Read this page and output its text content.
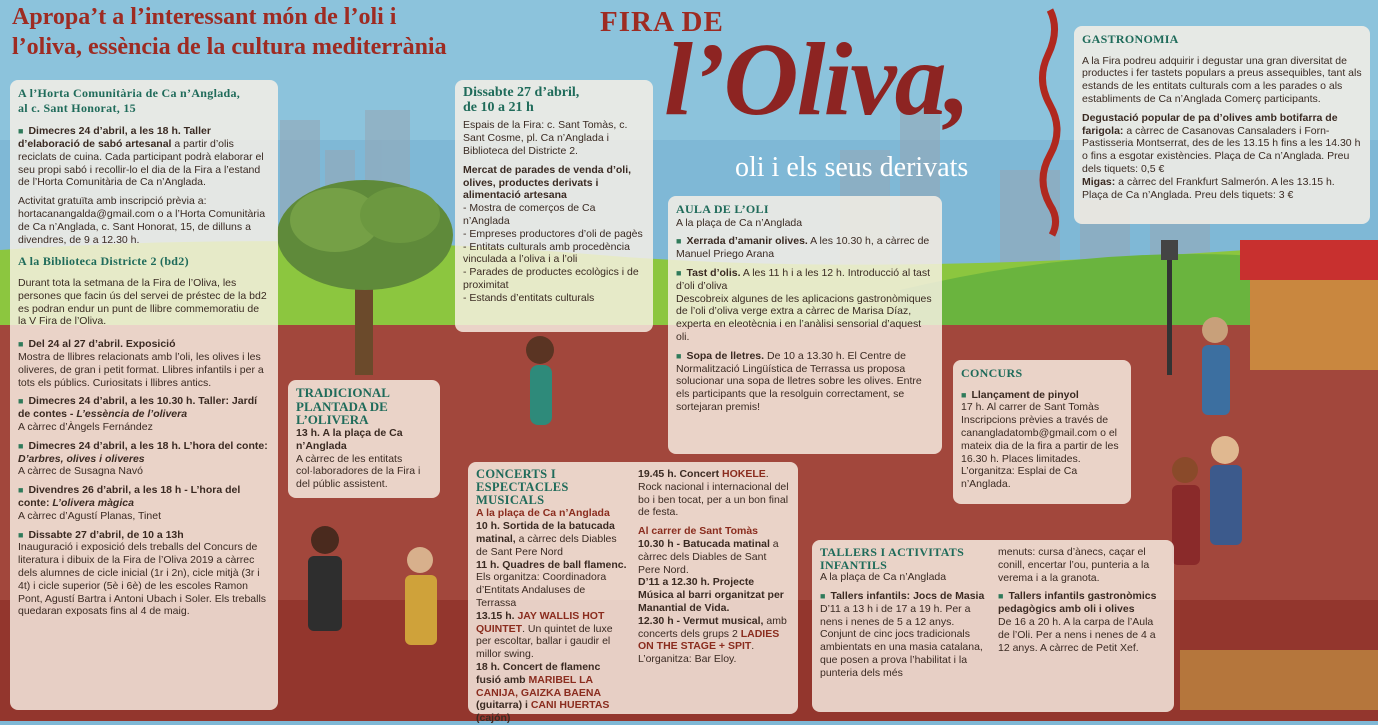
Apropa’t a l’interessant món de l’oli i
l’oliva, essència de la cultura mediterrània
FIRA DE
l’Oliva,
oli i els seus derivats
A l’Horta Comunitària de Ca n’Anglada,
al c. Sant Honorat, 15

■ Dimecres 24 d’abril, a les 18 h. Taller d’elaboració de sabó artesanal a partir d’olis reciclats de cuina. Cada participant podrà elaborar el seu propi sabó i recollir-lo el dia de la Fira a l’estand de l’Horta Comunitària de Ca n’Anglada.

Activitat gratuïta amb inscripció prèvia a: hortacanangalda@gmail.com o a l’Horta Comunitària de Ca n’Anglada, c. Sant Honorat, 15, de dilluns a divendres, de 9 a 12.30 h.

A la Biblioteca Districte 2 (bd2)

Durant tota la setmana de la Fira de l’Oliva, les persones que facin ús del servei de préstec de la bd2 es podran endur un punt de llibre commemoratiu de la V Fira de l’Oliva.

■ Del 24 al 27 d’abril. Exposició
Mostra de llibres relacionats amb l’oli, les olives i les oliveres, de gran i petit format. Llibres infantils i per a tots els públics. Curiositats i llibres antics.

■ Dimecres 24 d’abril, a les 10.30 h. Taller: Jardí de contes - L’essència de l’olivera
A càrrec d’Àngels Fernández

■ Dimecres 24 d’abril, a les 18 h. L’hora del conte: D’arbres, olives i oliveres
A càrrec de Susagna Navó

■ Divendres 26 d’abril, a les 18 h - L’hora del conte: L’olivera màgica
A càrrec d’Agustí Planas, Tinet

■ Dissabte 27 d’abril, de 10 a 13h
Inauguració i exposició dels treballs del Concurs de literatura i dibuix de la Fira de l’Oliva 2019 a càrrec dels alumnes de cicle inicial (1r i 2n), cicle mitjà (3r i 4t) i cicle superior (5è i 6è) de les escoles Ramon Pont, Agustí Bartra i Antoni Ubach i Soler. Els treballs quedaran exposats fins al 4 de maig.

Dissabte 27 d’abril,
de 10 a 21 h

Espais de la Fira: c. Sant Tomàs, c. Sant Cosme, pl. Ca n’Anglada i Biblioteca del Districte 2.

Mercat de parades de venda d’oli, olives, productes derivats i alimentació artesana
- Mostra de comerços de Ca n’Anglada
- Empreses productores d’oli de pagès
- Entitats culturals amb procedència vinculada a l’oliva i a l’oli
- Parades de productes ecològics i de proximitat
- Estands d’entitats culturals
TRADICIONAL PLANTADA DE L’OLIVERA
13 h. A la plaça de Ca n’Anglada
A càrrec de les entitats col·laboradores de la Fira i del públic assistent.
AULA DE L’OLI

A la plaça de Ca n’Anglada

■ Xerrada d’amanir olives. A les 10.30 h, a càrrec de Manuel Priego Arana

■ Tast d’olis. A les 11 h i a les 12 h. Introducció al tast d’oli d’oliva
Descobreix algunes de les aplicacions gastronòmiques de l’oli d’oliva verge extra a càrrec de Marisa Díaz, experta en eleotècnia i en l’anàlisi sensorial d’aquest oli.

■ Sopa de lletres. De 10 a 13.30 h. El Centre de Normalització Lingüística de Terrassa us proposa solucionar una sopa de lletres sobre les olives. Entre els participants que la resolguin correctament, se sortejaran premis!

GASTRONOMIA

A la Fira podreu adquirir i degustar una gran diversitat de productes i fer tastets populars a preus assequibles, tant als estands de les entitats culturals com a les parades o als establiments de Ca n’Anglada Comerç participants.

Degustació popular de pa d’olives amb botifarra de farigola: a càrrec de Casanovas Cansaladers i Forn-Pastisseria Montserrat, des de les 13.15 h fins a les 14.30 h o fins a esgotar existències. Plaça de Ca n’Anglada. Preu dels tiquets: 0,5 €
Migas: a càrrec del Frankfurt Salmerón. A les 13.15 h. Plaça de Ca n’Anglada. Preu dels tiquets: 3 €
CONCURS
■ Llançament de pinyol
17 h. Al carrer de Sant Tomàs Inscripcions prèvies a través de canangladatomb@gmail.com o el mateix dia de la fira a partir de les 16.30 h. Places limitades. L’organitza: Esplai de Ca n’Anglada.
CONCERTS I ESPECTACLES MUSICALS
A la plaça de Ca n’Anglada
10 h. Sortida de la batucada matinal, a càrrec dels Diables de Sant Pere Nord
11 h. Quadres de ball flamenc. Els organitza: Coordinadora d’Entitats Andaluses de Terrassa
13.15 h. JAY WALLIS HOT QUINTET. Un quintet de luxe per escoltar, ballar i gaudir el millor swing.
18 h. Concert de flamenc fusió amb MARIBEL LA CANIJA, GAIZKA BAENA (guitarra) i CANI HUERTAS (cajón)
19.45 h. Concert HOKELE. Rock nacional i internacional del bo i ben tocat, per a un bon final de festa.
Al carrer de Sant Tomàs
10.30 h - Batucada matinal a càrrec dels Diables de Sant Pere Nord.
D’11 a 12.30 h. Projecte Música al barri organitzat per Manantial de Vida.
12.30 h - Vermut musical, amb concerts dels grups 2 LADIES ON THE STAGE + SPIT. L’organitza: Bar Eloy.
TALLERS I ACTIVITATS INFANTILS

A la plaça de Ca n’Anglada

■ Tallers infantils: Jocs de Masia
D’11 a 13 h i de 17 a 19 h. Per a nens i nenes de 5 a 12 anys. Conjunt de cinc jocs tradicionals ambientats en una masia catalana, que posen a prova l’habilitat i la punteria dels més

menuts: cursa d’ànecs, caçar el conill, encertar l’ou, punteria a la verema i a la granota.

■ Tallers infantils gastronòmics pedagògics amb oli i olives
De 16 a 20 h. A la carpa de l’Aula de l’Oli. Per a nens i nenes de 4 a 12 anys. A càrrec de Petit Xef.
